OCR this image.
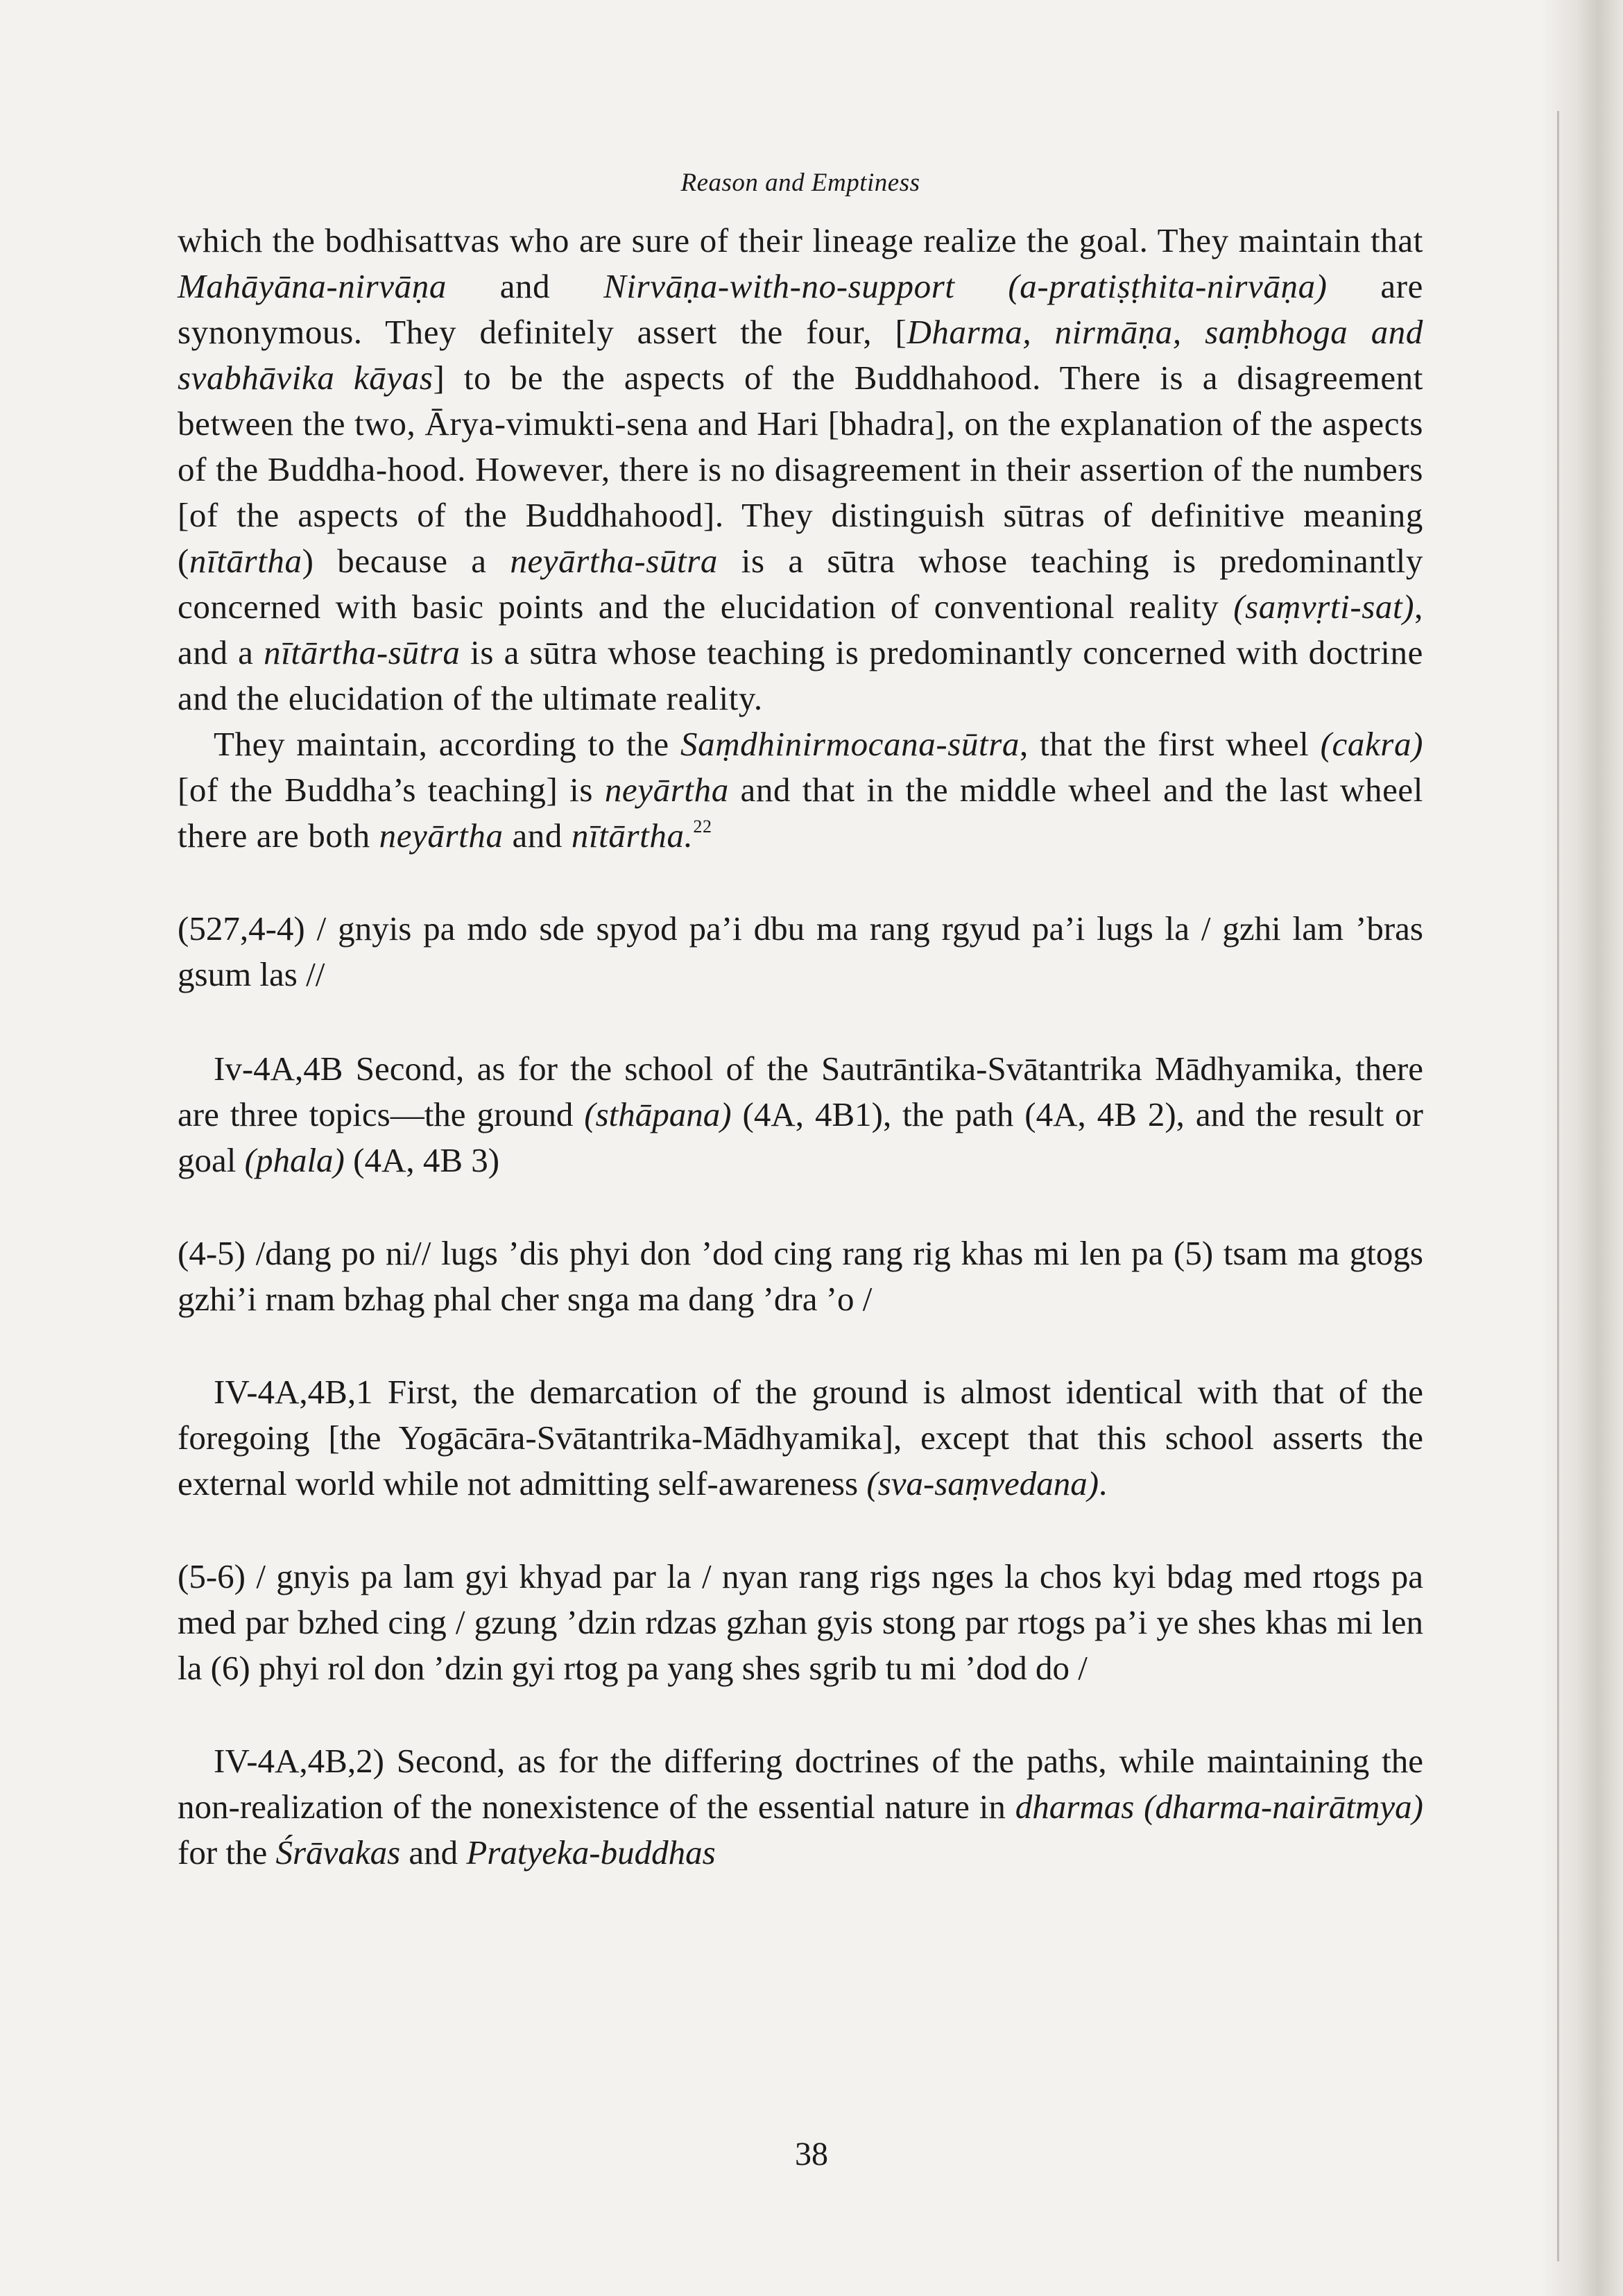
Reason and Emptiness

which the bodhisattvas who are sure of their lineage realize the goal. They maintain that Mahāyāna-nirvāṇa and Nirvāṇa-with-no-support (a-pratiṣṭhita-nirvāṇa) are synonymous. They definitely assert the four, [Dharma, nirmāṇa, saṃbhoga and svabhāvika kāyas] to be the aspects of the Buddhahood. There is a disagreement between the two, Ārya-vimukti-sena and Hari [bhadra], on the explanation of the aspects of the Buddha-hood. However, there is no disagreement in their assertion of the numbers [of the aspects of the Buddhahood]. They distinguish sūtras of definitive meaning (nītārtha) because a neyārtha-sūtra is a sūtra whose teaching is predominantly concerned with basic points and the elucidation of conventional reality (saṃvṛti-sat), and a nītārtha-sūtra is a sūtra whose teaching is predominantly concerned with doctrine and the elucidation of the ultimate reality.

They maintain, according to the Saṃdhinirmocana-sūtra, that the first wheel (cakra) [of the Buddha’s teaching] is neyārtha and that in the middle wheel and the last wheel there are both neyārtha and nītārtha.$^{22}$

(527,4-4) / gnyis pa mdo sde spyod pa’i dbu ma rang rgyud pa’i lugs la / gzhi lam ’bras gsum las //

Iv-4A,4B Second, as for the school of the Sautrāntika-Svātantrika Mādhyamika, there are three topics—the ground (sthāpana) (4A, 4B1), the path (4A, 4B 2), and the result or goal (phala) (4A, 4B 3)

(4-5) /dang po ni// lugs ’dis phyi don ’dod cing rang rig khas mi len pa (5) tsam ma gtogs gzhi’i rnam bzhag phal cher snga ma dang ’dra ’o /

IV-4A,4B,1 First, the demarcation of the ground is almost identical with that of the foregoing [the Yogācāra-Svātantrika-Mādhyamika], except that this school asserts the external world while not admitting self-awareness (sva-saṃvedana).

(5-6) / gnyis pa lam gyi khyad par la / nyan rang rigs nges la chos kyi bdag med rtogs pa med par bzhed cing / gzung ’dzin rdzas gzhan gyis stong par rtogs pa’i ye shes khas mi len la (6) phyi rol don ’dzin gyi rtog pa yang shes sgrib tu mi ’dod do /

IV-4A,4B,2) Second, as for the differing doctrines of the paths, while maintaining the non-realization of the nonexistence of the essential nature in dharmas (dharma-nairātmya) for the Śrāvakas and Pratyeka-buddhas

38
